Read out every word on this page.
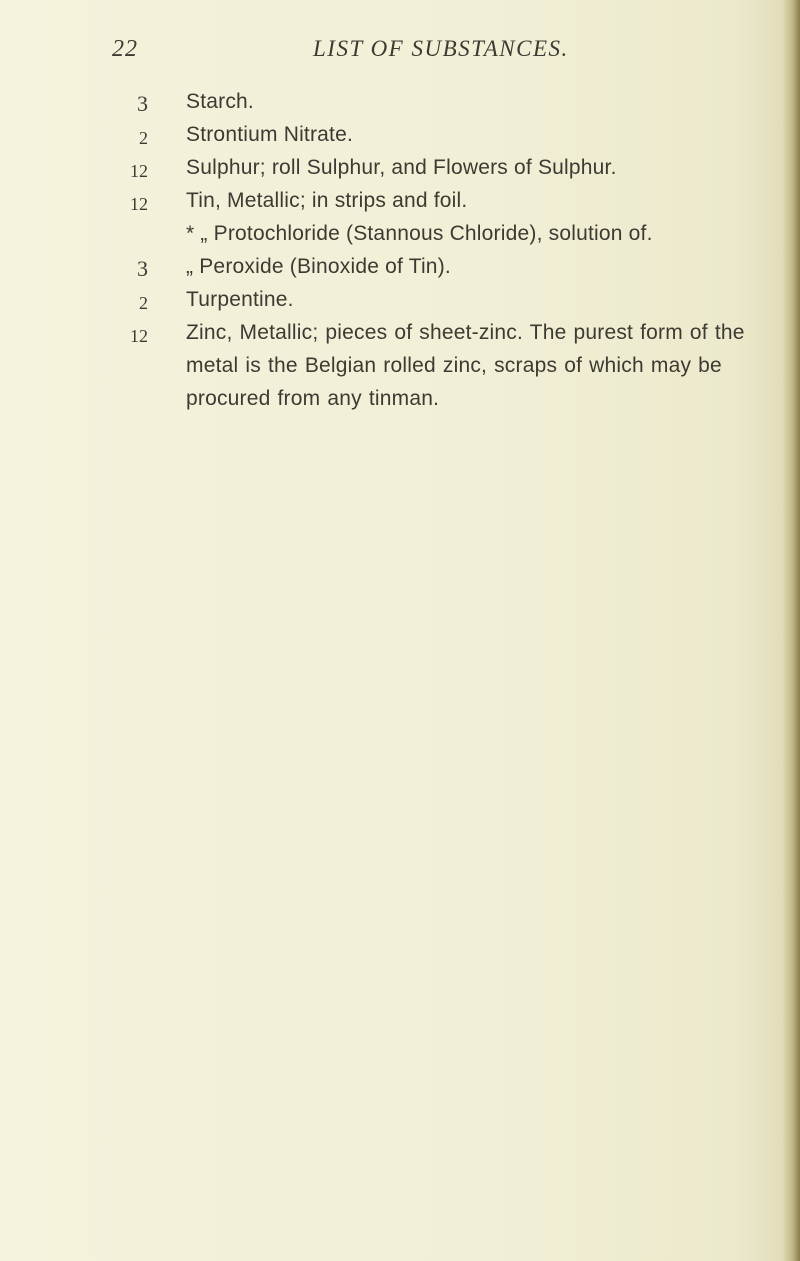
22	LIST OF SUBSTANCES.
3 Starch.
2 Strontium Nitrate.
12 Sulphur; roll Sulphur, and Flowers of Sulphur.
12 Tin, Metallic; in strips and foil.
* „ Protochloride (Stannous Chloride), solution of.
3 „ Peroxide (Binoxide of Tin).
2 Turpentine.
12 Zinc, Metallic; pieces of sheet-zinc. The purest form of the metal is the Belgian rolled zinc, scraps of which may be procured from any tinman.
